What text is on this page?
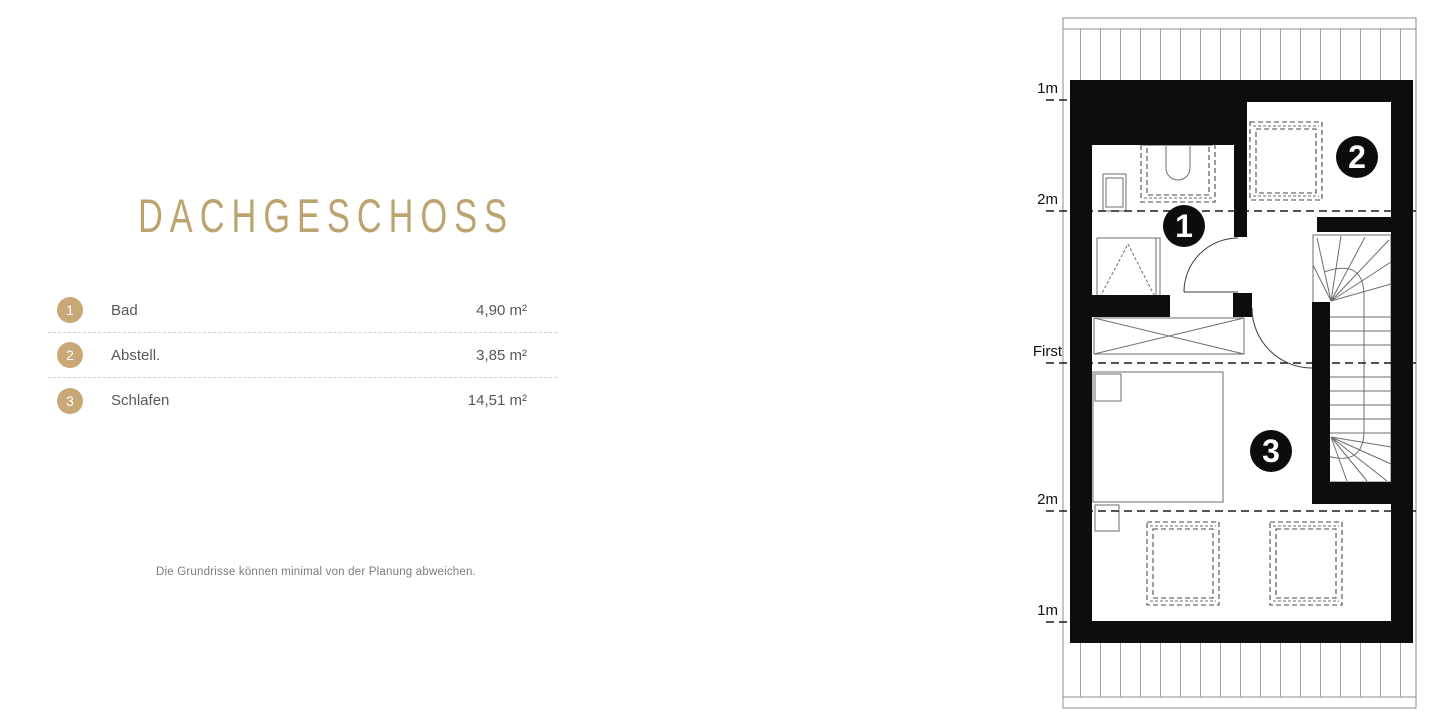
DACHGESCHOSS
1	Bad	4,90 m²
2	Abstell.	3,85 m²
3	Schlafen	14,51 m²
Die Grundrisse können minimal von der Planung abweichen.
1
2
3
1m
2m
First
2m
1m
